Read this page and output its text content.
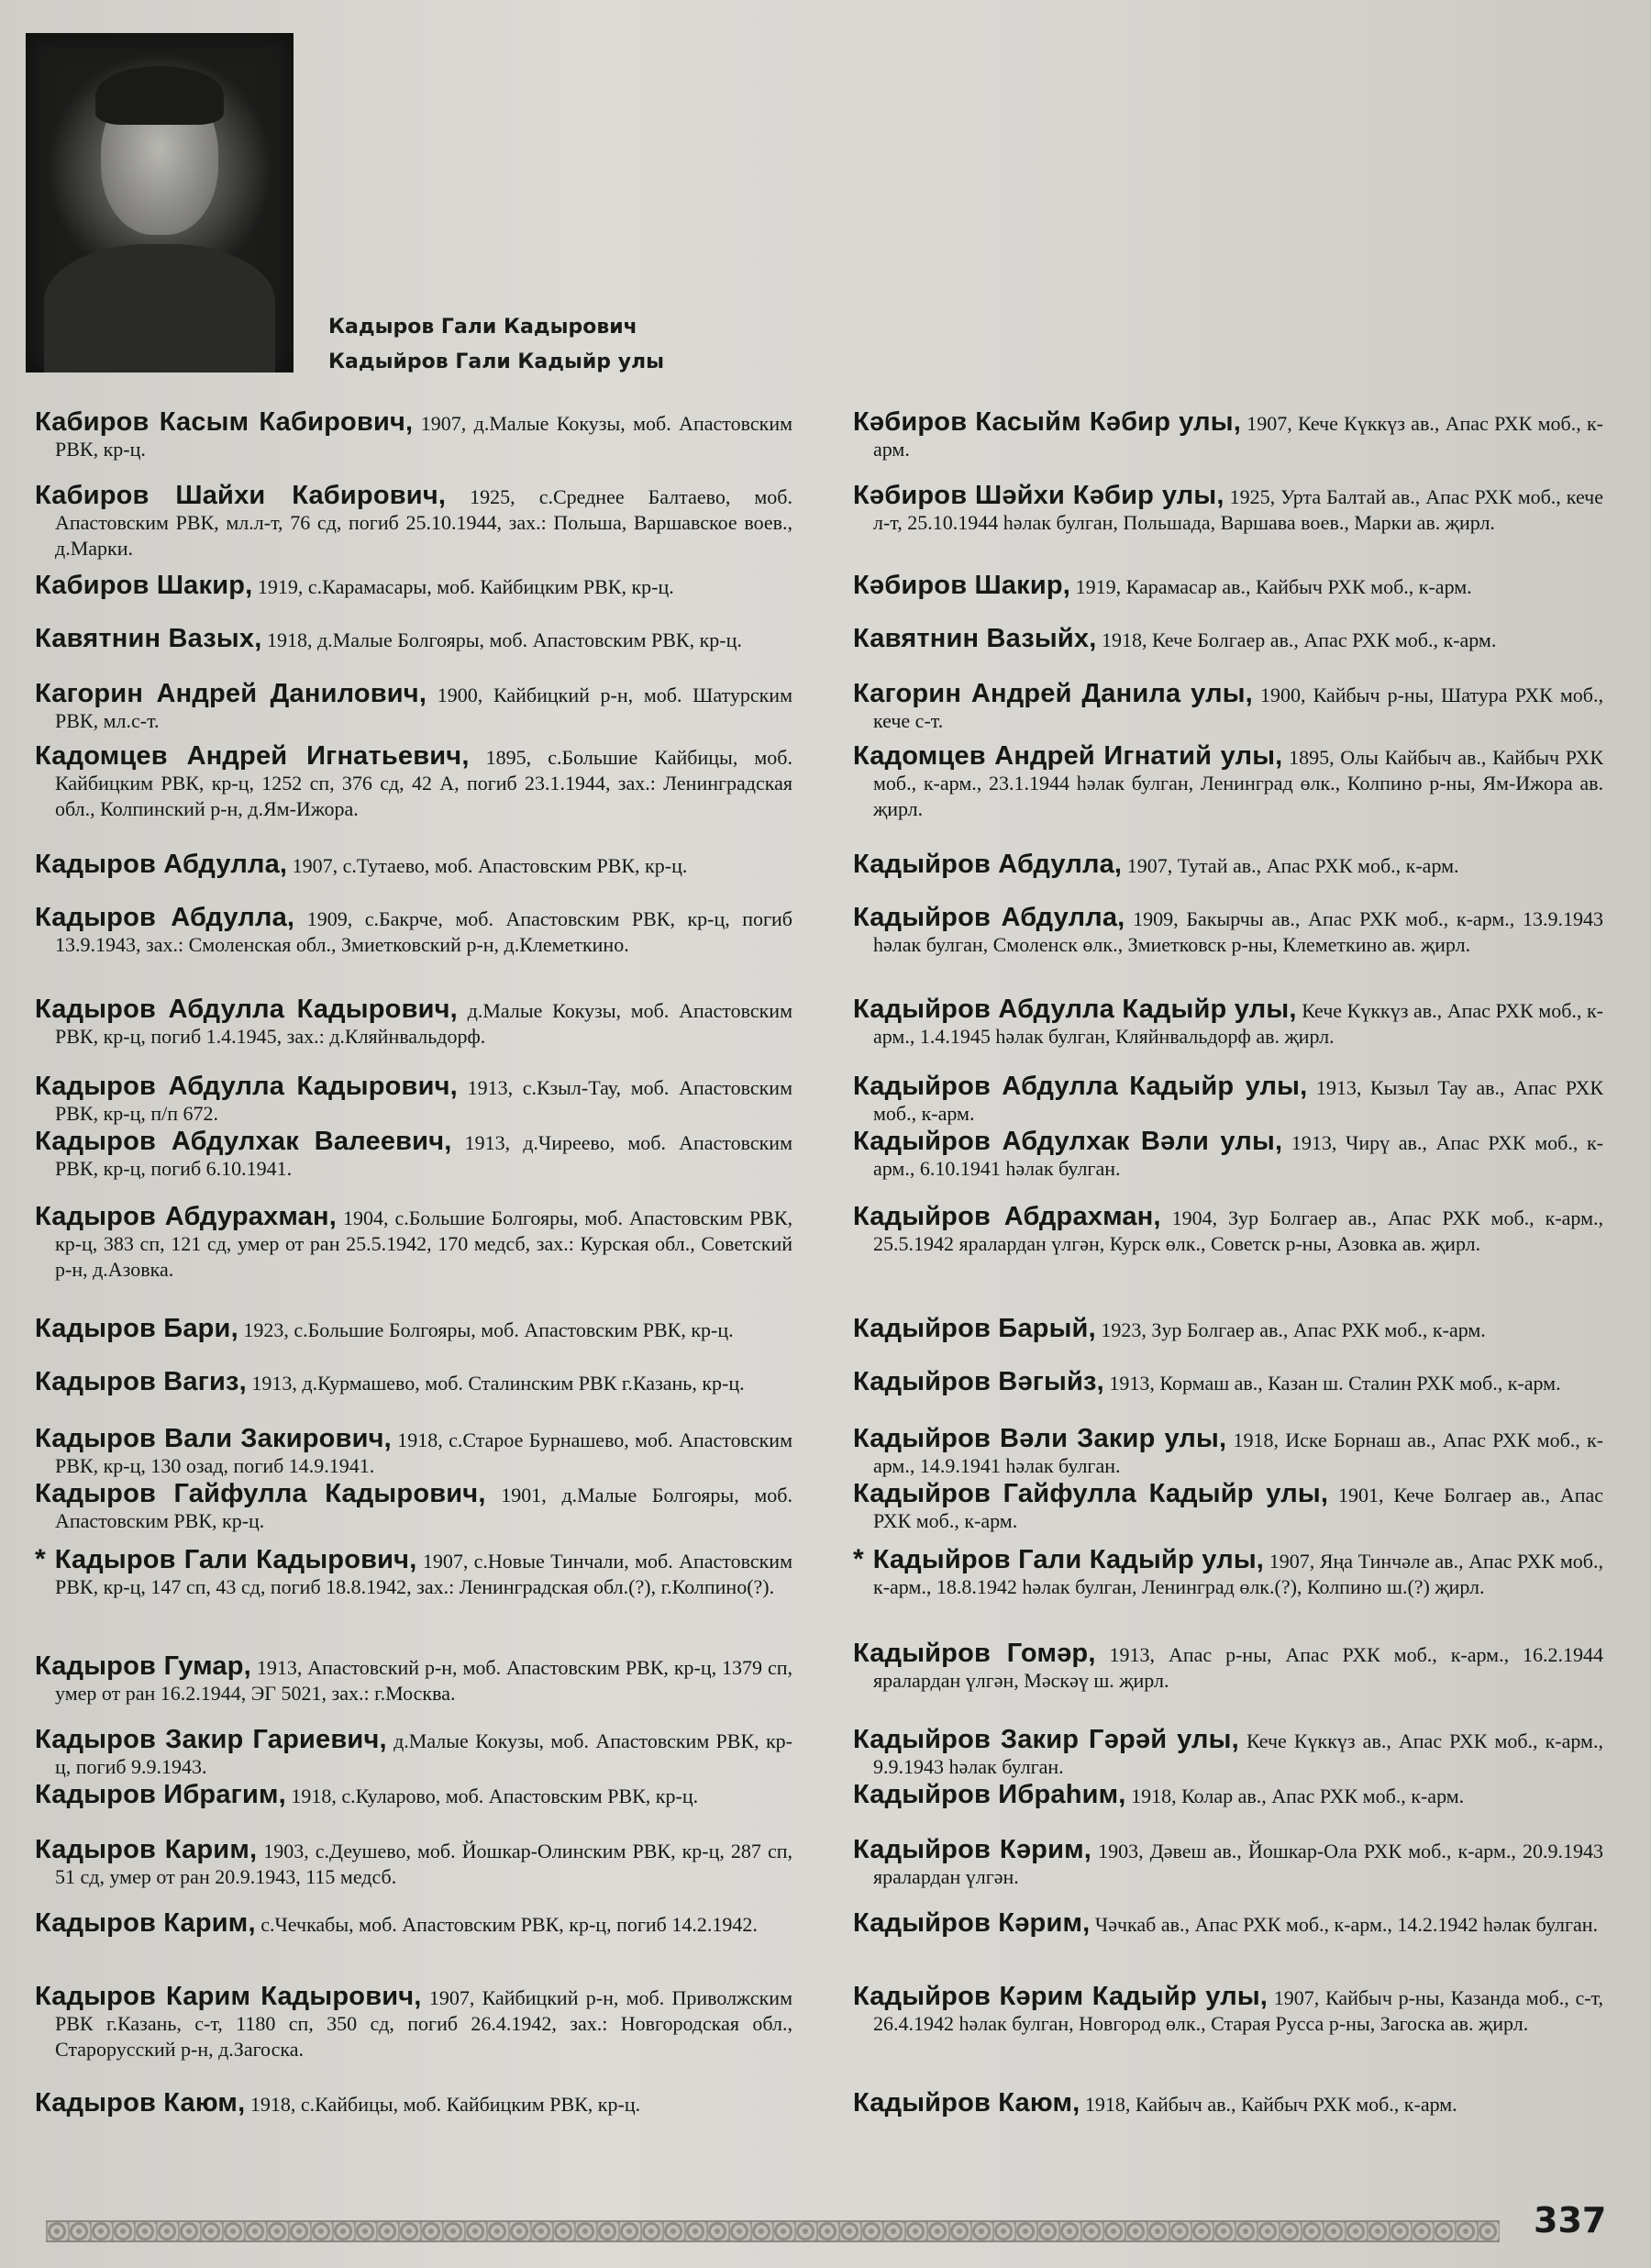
Кадыров Гали Кадырович
Кадыйров Гали Кадыйр улы
Кабиров Касым Кабирович, 1907, д.Малые Кокузы, моб. Апастовским РВК, кр-ц.
Кабиров Шайхи Кабирович, 1925, с.Среднее Балтаево, моб. Апастовским РВК, мл.л-т, 76 сд, погиб 25.10.1944, зах.: Польша, Варшавское воев., д.Марки.
Кабиров Шакир, 1919, с.Карамасары, моб. Кайбицким РВК, кр-ц.
Кавятнин Вазых, 1918, д.Малые Болгояры, моб. Апастовским РВК, кр-ц.
Кагорин Андрей Данилович, 1900, Кайбицкий р-н, моб. Шатурским РВК, мл.с-т.
Кадомцев Андрей Игнатьевич, 1895, с.Большие Кайбицы, моб. Кайбицким РВК, кр-ц, 1252 сп, 376 сд, 42 А, погиб 23.1.1944, зах.: Ленинградская обл., Колпинский р-н, д.Ям-Ижора.
Кадыров Абдулла, 1907, с.Тутаево, моб. Апастовским РВК, кр-ц.
Кадыров Абдулла, 1909, с.Бакрче, моб. Апастовским РВК, кр-ц, погиб 13.9.1943, зах.: Смоленская обл., Змиетковский р-н, д.Клеметкино.
Кадыров Абдулла Кадырович, д.Малые Кокузы, моб. Апастовским РВК, кр-ц, погиб 1.4.1945, зах.: д.Кляйнвальдорф.
Кадыров Абдулла Кадырович, 1913, с.Кзыл-Тау, моб. Апастовским РВК, кр-ц, п/п 672.
Кадыров Абдулхак Валеевич, 1913, д.Чиреево, моб. Апастовским РВК, кр-ц, погиб 6.10.1941.
Кадыров Абдурахман, 1904, с.Большие Болгояры, моб. Апастовским РВК, кр-ц, 383 сп, 121 сд, умер от ран 25.5.1942, 170 медсб, зах.: Курская обл., Советский р-н, д.Азовка.
Кадыров Бари, 1923, с.Большие Болгояры, моб. Апастовским РВК, кр-ц.
Кадыров Вагиз, 1913, д.Курмашево, моб. Сталинским РВК г.Казань, кр-ц.
Кадыров Вали Закирович, 1918, с.Старое Бурнашево, моб. Апастовским РВК, кр-ц, 130 озад, погиб 14.9.1941.
Кадыров Гайфулла Кадырович, 1901, д.Малые Болгояры, моб. Апастовским РВК, кр-ц.
* Кадыров Гали Кадырович, 1907, с.Новые Тинчали, моб. Апастовским РВК, кр-ц, 147 сп, 43 сд, погиб 18.8.1942, зах.: Ленинградская обл.(?), г.Колпино(?).
Кадыров Гумар, 1913, Апастовский р-н, моб. Апастовским РВК, кр-ц, 1379 сп, умер от ран 16.2.1944, ЭГ 5021, зах.: г.Москва.
Кадыров Закир Гариевич, д.Малые Кокузы, моб. Апастовским РВК, кр-ц, погиб 9.9.1943.
Кадыров Ибрагим, 1918, с.Куларово, моб. Апастовским РВК, кр-ц.
Кадыров Карим, 1903, с.Деушево, моб. Йошкар-Олинским РВК, кр-ц, 287 сп, 51 сд, умер от ран 20.9.1943, 115 медсб.
Кадыров Карим, с.Чечкабы, моб. Апастовским РВК, кр-ц, погиб 14.2.1942.
Кадыров Карим Кадырович, 1907, Кайбицкий р-н, моб. Приволжским РВК г.Казань, с-т, 1180 сп, 350 сд, погиб 26.4.1942, зах.: Новгородская обл., Старорусский р-н, д.Загоска.
Кадыров Каюм, 1918, с.Кайбицы, моб. Кайбицким РВК, кр-ц.
Кәбиров Касыйм Кәбир улы, 1907, Кече Күккүз ав., Апас РХК моб., к-арм.
Кәбиров Шәйхи Кәбир улы, 1925, Урта Балтай ав., Апас РХК моб., кече л-т, 25.10.1944 һәлак булган, Польшада, Варшава воев., Марки ав. җирл.
Кәбиров Шакир, 1919, Карамасар ав., Кайбыч РХК моб., к-арм.
Кавятнин Вазыйх, 1918, Кече Болгаер ав., Апас РХК моб., к-арм.
Кагорин Андрей Данила улы, 1900, Кайбыч р-ны, Шатура РХК моб., кече с-т.
Кадомцев Андрей Игнатий улы, 1895, Олы Кайбыч ав., Кайбыч РХК моб., к-арм., 23.1.1944 һәлак булган, Ленинград өлк., Колпино р-ны, Ям-Ижора ав. җирл.
Кадыйров Абдулла, 1907, Тутай ав., Апас РХК моб., к-арм.
Кадыйров Абдулла, 1909, Бакырчы ав., Апас РХК моб., к-арм., 13.9.1943 һәлак булган, Смоленск өлк., Змиетковск р-ны, Клеметкино ав. җирл.
Кадыйров Абдулла Кадыйр улы, Кече Күккүз ав., Апас РХК моб., к-арм., 1.4.1945 һәлак булган, Кляйнвальдорф ав. җирл.
Кадыйров Абдулла Кадыйр улы, 1913, Кызыл Тау ав., Апас РХК моб., к-арм.
Кадыйров Абдулхак Вәли улы, 1913, Чирү ав., Апас РХК моб., к-арм., 6.10.1941 һәлак булган.
Кадыйров Абдрахман, 1904, Зур Болгаер ав., Апас РХК моб., к-арм., 25.5.1942 яралардан үлгән, Курск өлк., Советск р-ны, Азовка ав. җирл.
Кадыйров Барый, 1923, Зур Болгаер ав., Апас РХК моб., к-арм.
Кадыйров Вәгыйз, 1913, Кормаш ав., Казан ш. Сталин РХК моб., к-арм.
Кадыйров Вәли Закир улы, 1918, Иске Борнаш ав., Апас РХК моб., к-арм., 14.9.1941 һәлак булган.
Кадыйров Гайфулла Кадыйр улы, 1901, Кече Болгаер ав., Апас РХК моб., к-арм.
* Кадыйров Гали Кадыйр улы, 1907, Яңа Тинчәле ав., Апас РХК моб., к-арм., 18.8.1942 һәлак булган, Ленинград өлк.(?), Колпино ш.(?) җирл.
Кадыйров Гомәр, 1913, Апас р-ны, Апас РХК моб., к-арм., 16.2.1944 яралардан үлгән, Мәскәү ш. җирл.
Кадыйров Закир Гәрәй улы, Кече Күккүз ав., Апас РХК моб., к-арм., 9.9.1943 һәлак булган.
Кадыйров Ибраһим, 1918, Колар ав., Апас РХК моб., к-арм.
Кадыйров Кәрим, 1903, Дәвеш ав., Йошкар-Ола РХК моб., к-арм., 20.9.1943 яралардан үлгән.
Кадыйров Кәрим, Чәчкаб ав., Апас РХК моб., к-арм., 14.2.1942 һәлак булган.
Кадыйров Кәрим Кадыйр улы, 1907, Кайбыч р-ны, Казанда моб., с-т, 26.4.1942 һәлак булган, Новгород өлк., Старая Русса р-ны, Загоска ав. җирл.
Кадыйров Каюм, 1918, Кайбыч ав., Кайбыч РХК моб., к-арм.
337
